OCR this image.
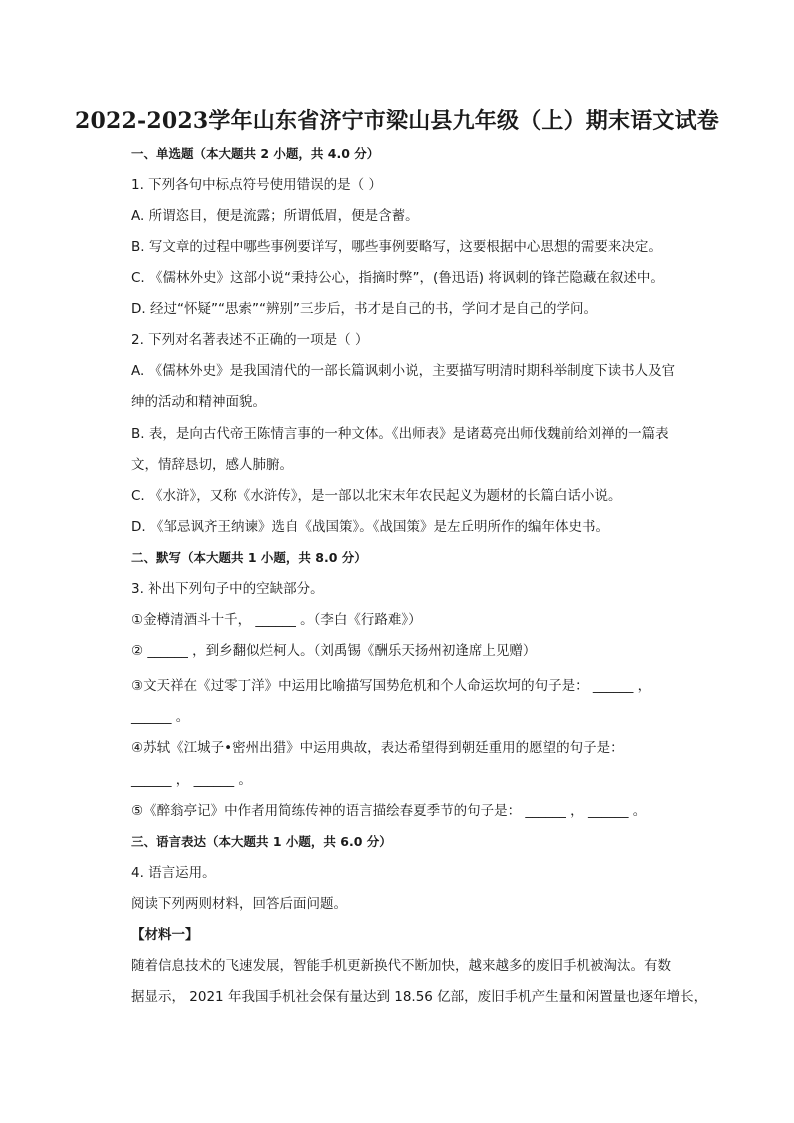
2022-2023学年山东省济宁市梁山县九年级（上）期末语文试卷
一、单选题（本大题共 2 小题，共 4.0 分）
1. 下列各句中标点符号使用错误的是（ ）
A. 所谓恣目，便是流露；所谓低眉，便是含蓄。
B. 写文章的过程中哪些事例要详写，哪些事例要略写，这要根据中心思想的需要来决定。
C. 《儒林外史》这部小说“秉持公心，指摘时弊”，(鲁迅语) 将讽刺的锋芒隐藏在叙述中。
D. 经过“怀疑”“思索”“辨别”三步后，书才是自己的书，学问才是自己的学问。
2. 下列对名著表述不正确的一项是（ ）
A. 《儒林外史》是我国清代的一部长篇讽刺小说，主要描写明清时期科举制度下读书人及官
绅的活动和精神面貌。
B. 表，是向古代帝王陈情言事的一种文体。《出师表》是诸葛亮出师伐魏前给刘禅的一篇表
文，情辞恳切，感人肺腑。
C. 《水浒》，又称《水浒传》，是一部以北宋末年农民起义为题材的长篇白话小说。
D. 《邹忌讽齐王纳谏》选自《战国策》。《战国策》是左丘明所作的编年体史书。
二、默写（本大题共 1 小题，共 8.0 分）
3. 补出下列句子中的空缺部分。
①金樽清酒斗十千， ______ 。（李白《行路难》）
② ______ ，到乡翻似烂柯人。（刘禹锡《酬乐天扬州初逢席上见赠）
③文天祥在《过零丁洋》中运用比喻描写国势危机和个人命运坎坷的句子是： ______ ，
______ 。
④苏轼《江城子•密州出猎》中运用典故，表达希望得到朝廷重用的愿望的句子是：
______ ， ______ 。
⑤《醉翁亭记》中作者用简练传神的语言描绘春夏季节的句子是： ______ ， ______ 。
三、语言表达（本大题共 1 小题，共 6.0 分）
4. 语言运用。
阅读下列两则材料，回答后面问题。
【材料一】
随着信息技术的飞速发展，智能手机更新换代不断加快，越来越多的废旧手机被淘汰。有数
据显示， 2021 年我国手机社会保有量达到 18.56 亿部，废旧手机产生量和闲置量也逐年增长，
